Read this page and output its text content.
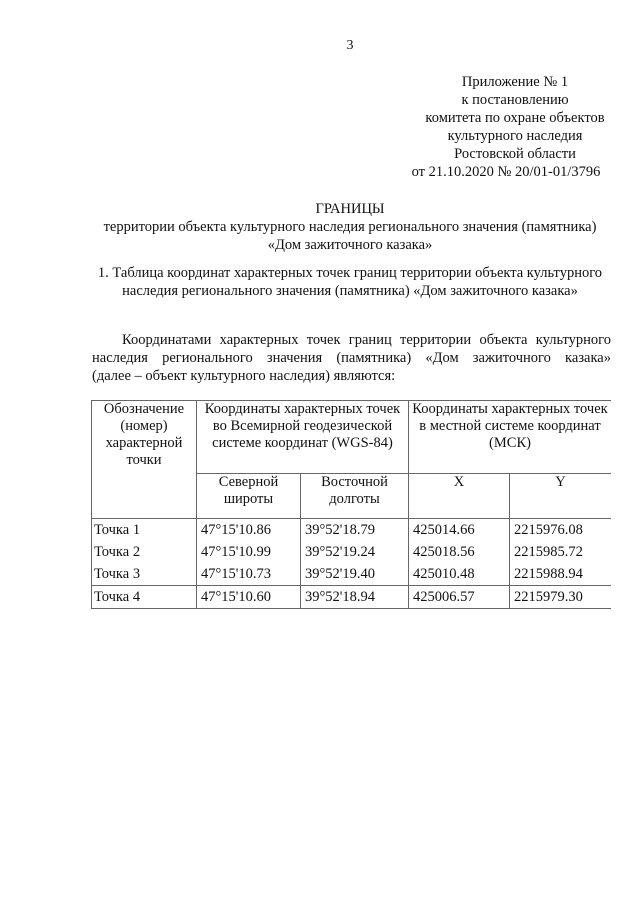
3
Приложение № 1
к постановлению
комитета по охране объектов
культурного наследия
Ростовской области
от 21.10.2020 № 20/01-01/3796
ГРАНИЦЫ
территории объекта культурного наследия регионального значения (памятника)
«Дом зажиточного казака»
1. Таблица координат характерных точек границ территории объекта культурного наследия регионального значения (памятника) «Дом зажиточного казака»
Координатами характерных точек границ территории объекта культурного
наследия регионального значения (памятника) «Дом зажиточного казака»
(далее – объект культурного наследия) являются:
Обозначение (номер) характерной точки	Координаты характерных точек во Всемирной геодезической системе координат (WGS-84)		Координаты характерных точек в местной системе координат (МСК)	
	Северной широты	Восточной долготы	X	Y
Точка 1	47°15'10.86	39°52'18.79	425014.66	2215976.08
Точка 2	47°15'10.99	39°52'19.24	425018.56	2215985.72
Точка 3	47°15'10.73	39°52'19.40	425010.48	2215988.94
Точка 4	47°15'10.60	39°52'18.94	425006.57	2215979.30
